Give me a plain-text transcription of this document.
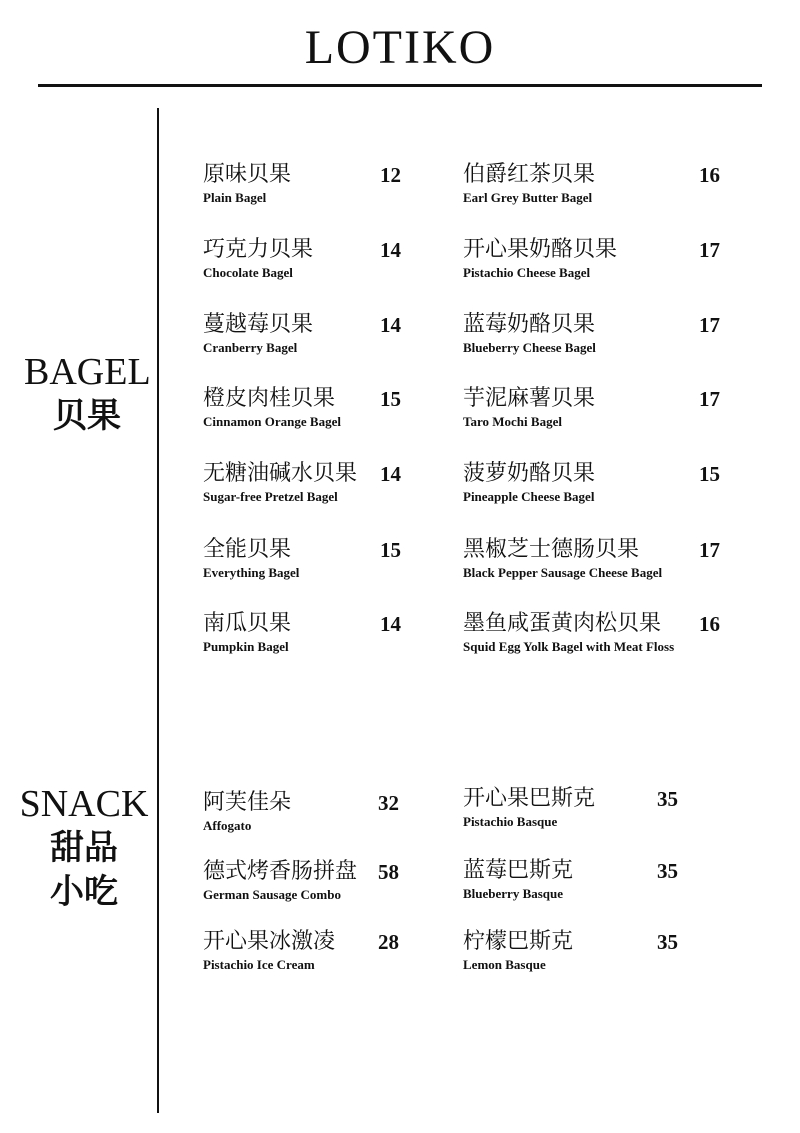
LOTIKO
BAGEL
贝果
SNACK
甜品
小吃
原味贝果	12
Plain Bagel
巧克力贝果	14
Chocolate Bagel
蔓越莓贝果	14
Cranberry Bagel
橙皮肉桂贝果 15
Cinnamon Orange Bagel
无糖油碱水贝果 14
Sugar-free Pretzel Bagel
全能贝果	15
Everything Bagel
南瓜贝果	14
Pumpkin Bagel
伯爵红茶贝果	16
Earl Grey Butter Bagel
开心果奶酪贝果	17
Pistachio Cheese Bagel
蓝莓奶酪贝果	17
Blueberry Cheese Bagel
芋泥麻薯贝果	17
Taro Mochi Bagel
菠萝奶酪贝果	15
Pineapple Cheese Bagel
黑椒芝士德肠贝果	17
Black Pepper Sausage Cheese Bagel
墨鱼咸蛋黄肉松贝果 16
Squid Egg Yolk Bagel with Meat Floss
阿芙佳朵	32
Affogato
德式烤香肠拼盘 58
German Sausage Combo
开心果冰激凌 28
Pistachio Ice Cream
开心果巴斯克	35
Pistachio Basque
蓝莓巴斯克	35
Blueberry Basque
柠檬巴斯克	35
Lemon Basque
